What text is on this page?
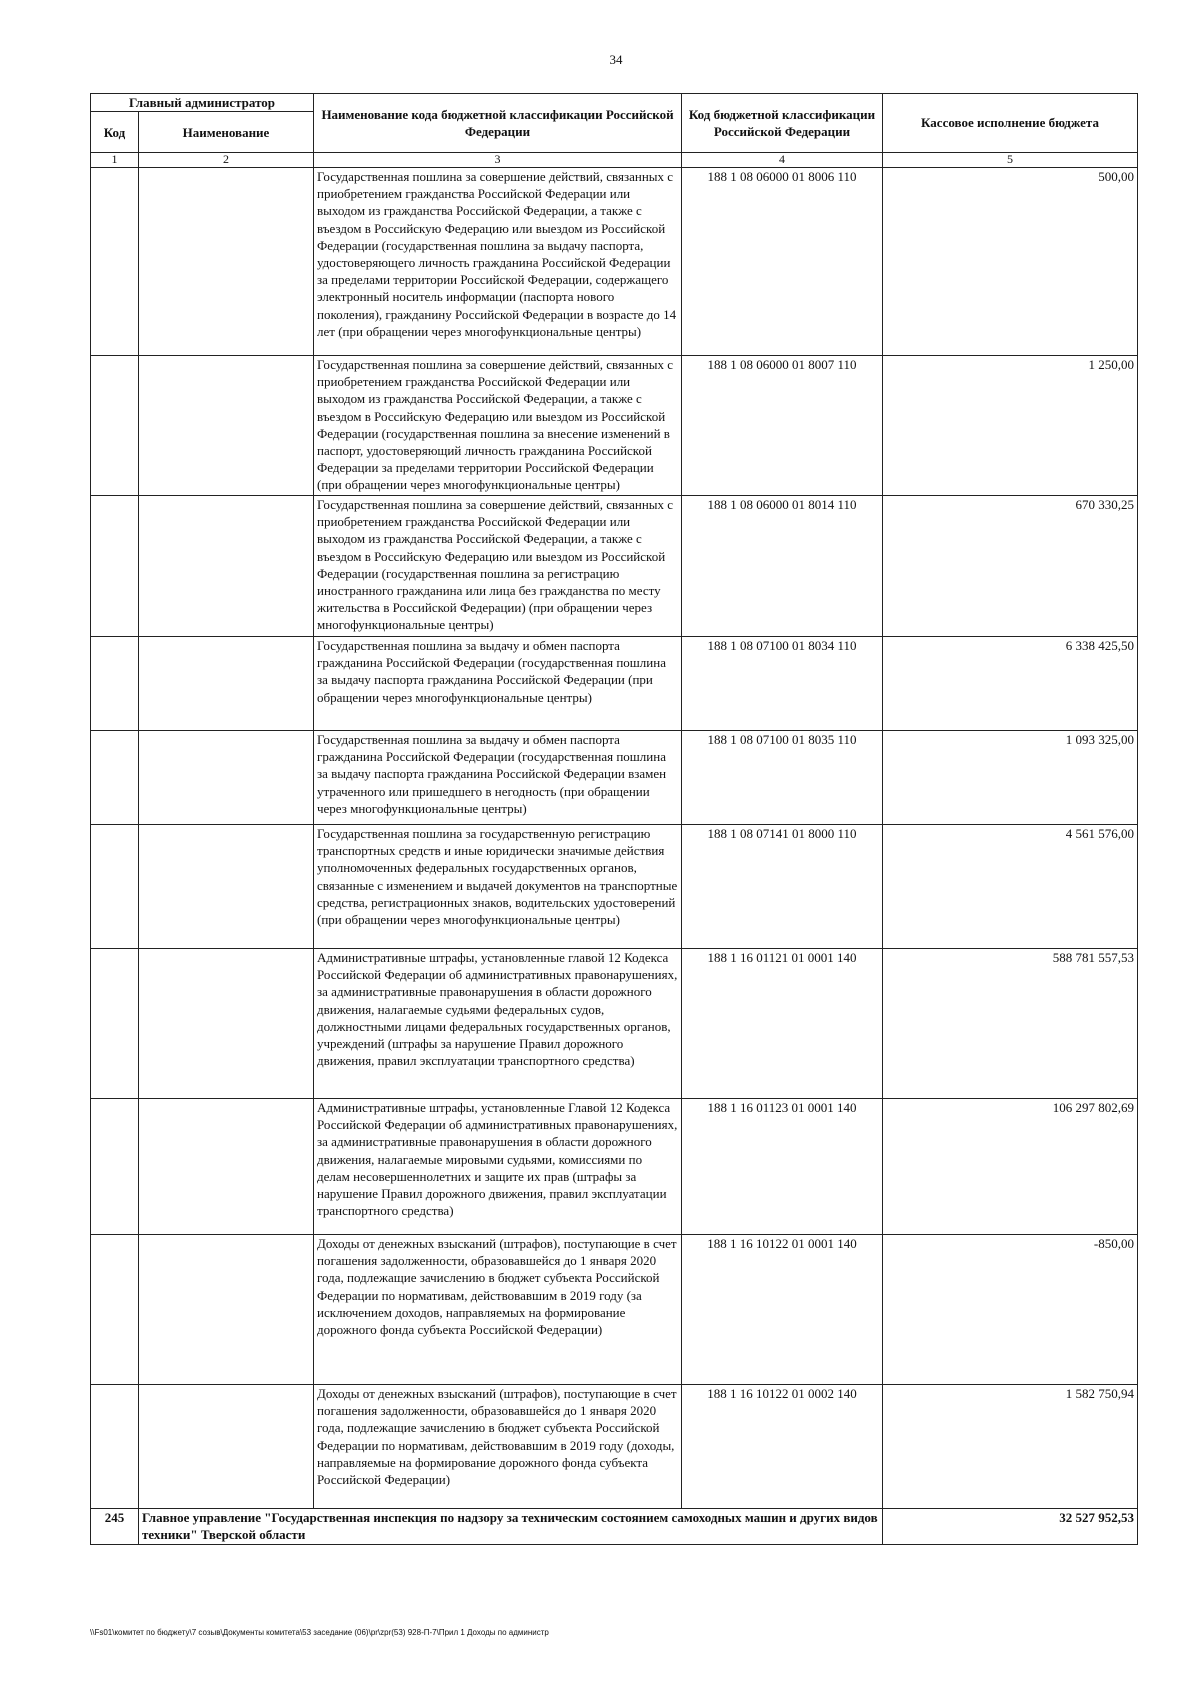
34
Главный администратор		Наименование кода бюджетной классификации Российской Федерации	Код бюджетной классификации Российской Федерации	Кассовое исполнение бюджета
Код	Наименование			
1	2	3	4	5
		Государственная пошлина за совершение действий, связанных с приобретением гражданства Российской Федерации или выходом из гражданства Российской Федерации, а также с въездом в Российскую Федерацию или выездом из Российской Федерации (государственная пошлина за выдачу паспорта, удостоверяющего личность гражданина Российской Федерации за пределами территории Российской Федерации, содержащего электронный носитель информации (паспорта нового поколения), гражданину Российской Федерации в возрасте до 14 лет (при обращении через многофункциональные центры)	188 1 08 06000 01 8006 110	500,00
		Государственная пошлина за совершение действий, связанных с приобретением гражданства Российской Федерации или выходом из гражданства Российской Федерации, а также с въездом в Российскую Федерацию или выездом из Российской Федерации (государственная пошлина за внесение изменений в паспорт, удостоверяющий личность гражданина Российской Федерации за пределами территории Российской Федерации (при обращении через многофункциональные центры)	188 1 08 06000 01 8007 110	1 250,00
		Государственная пошлина за совершение действий, связанных с приобретением гражданства Российской Федерации или выходом из гражданства Российской Федерации, а также с въездом в Российскую Федерацию или выездом из Российской Федерации (государственная пошлина за регистрацию иностранного гражданина или лица без гражданства по месту жительства в Российской Федерации) (при обращении через многофункциональные центры)	188 1 08 06000 01 8014 110	670 330,25
		Государственная пошлина за выдачу и обмен паспорта гражданина Российской Федерации (государственная пошлина за выдачу паспорта гражданина Российской Федерации (при обращении через многофункциональные центры)	188 1 08 07100 01 8034 110	6 338 425,50
		Государственная пошлина за выдачу и обмен паспорта гражданина Российской Федерации (государственная пошлина за выдачу паспорта гражданина Российской Федерации взамен утраченного или пришедшего в негодность (при обращении через многофункциональные центры)	188 1 08 07100 01 8035 110	1 093 325,00
		Государственная пошлина за государственную регистрацию транспортных средств и иные юридически значимые действия уполномоченных федеральных государственных органов, связанные с изменением и выдачей документов на транспортные средства, регистрационных знаков, водительских удостоверений (при обращении через многофункциональные центры)	188 1 08 07141 01 8000 110	4 561 576,00
		Административные штрафы, установленные главой 12 Кодекса Российской Федерации об административных правонарушениях, за административные правонарушения в области дорожного движения, налагаемые судьями федеральных судов, должностными лицами федеральных государственных органов, учреждений (штрафы за нарушение Правил дорожного движения, правил эксплуатации транспортного средства)	188 1 16 01121 01 0001 140	588 781 557,53
		Административные штрафы, установленные Главой 12 Кодекса Российской Федерации об административных правонарушениях, за административные правонарушения в области дорожного движения, налагаемые мировыми судьями, комиссиями по делам несовершеннолетних и защите их прав (штрафы за нарушение Правил дорожного движения, правил эксплуатации транспортного средства)	188 1 16 01123 01 0001 140	106 297 802,69
		Доходы от денежных взысканий (штрафов), поступающие в счет погашения задолженности, образовавшейся до 1 января 2020 года, подлежащие зачислению в бюджет субъекта Российской Федерации по нормативам, действовавшим в 2019 году (за исключением доходов, направляемых на формирование дорожного фонда субъекта Российской Федерации)	188 1 16 10122 01 0001 140	-850,00
		Доходы от денежных взысканий (штрафов), поступающие в счет погашения задолженности, образовавшейся до 1 января 2020 года, подлежащие зачислению в бюджет субъекта Российской Федерации по нормативам, действовавшим в 2019 году (доходы, направляемые на формирование дорожного фонда субъекта Российской Федерации)	188 1 16 10122 01 0002 140	1 582 750,94
245	Главное управление "Государственная инспекция по надзору за техническим состоянием самоходных машин и других видов техники" Тверской области			32 527 952,53
\\Fs01\комитет по бюджету\7 созыв\Документы комитета\53 заседание (06)\pr\zpr(53) 928-П-7\Прил 1 Доходы по администр
